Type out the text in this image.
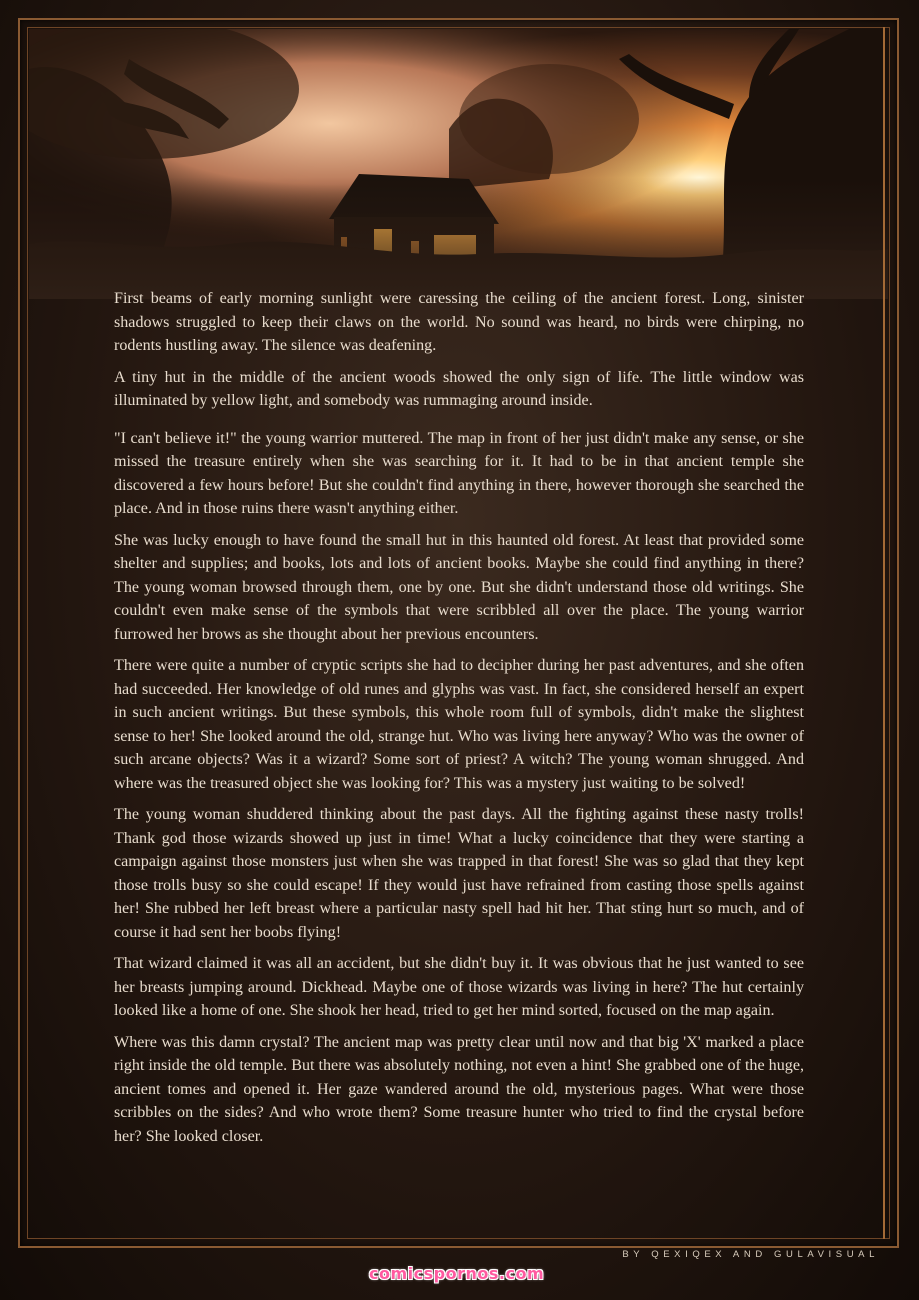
First beams of early morning sunlight were caressing the ceiling of the ancient forest. Long, sinister shadows struggled to keep their claws on the world. No sound was heard, no birds were chirping, no rodents hustling away. The silence was deafening.

A tiny hut in the middle of the ancient woods showed the only sign of life. The little window was illuminated by yellow light, and somebody was rummaging around inside.

"I can't believe it!" the young warrior muttered. The map in front of her just didn't make any sense, or she missed the treasure entirely when she was searching for it. It had to be in that ancient temple she discovered a few hours before! But she couldn't find anything in there, however thorough she searched the place. And in those ruins there wasn't anything either.

She was lucky enough to have found the small hut in this haunted old forest. At least that provided some shelter and supplies; and books, lots and lots of ancient books. Maybe she could find anything in there? The young woman browsed through them, one by one. But she didn't understand those old writings. She couldn't even make sense of the symbols that were scribbled all over the place. The young warrior furrowed her brows as she thought about her previous encounters.

There were quite a number of cryptic scripts she had to decipher during her past adventures, and she often had succeeded. Her knowledge of old runes and glyphs was vast. In fact, she considered herself an expert in such ancient writings. But these symbols, this whole room full of symbols, didn't make the slightest sense to her! She looked around the old, strange hut. Who was living here anyway? Who was the owner of such arcane objects? Was it a wizard? Some sort of priest? A witch? The young woman shrugged. And where was the treasured object she was looking for? This was a mystery just waiting to be solved!

The young woman shuddered thinking about the past days. All the fighting against these nasty trolls! Thank god those wizards showed up just in time! What a lucky coincidence that they were starting a campaign against those monsters just when she was trapped in that forest! She was so glad that they kept those trolls busy so she could escape! If they would just have refrained from casting those spells against her! She rubbed her left breast where a particular nasty spell had hit her. That sting hurt so much, and of course it had sent her boobs flying!

That wizard claimed it was all an accident, but she didn't buy it. It was obvious that he just wanted to see her breasts jumping around. Dickhead. Maybe one of those wizards was living in here? The hut certainly looked like a home of one. She shook her head, tried to get her mind sorted, focused on the map again.

Where was this damn crystal? The ancient map was pretty clear until now and that big 'X' marked a place right inside the old temple. But there was absolutely nothing, not even a hint! She grabbed one of the huge, ancient tomes and opened it. Her gaze wandered around the old, mysterious pages. What were those scribbles on the sides? And who wrote them? Some treasure hunter who tried to find the crystal before her? She looked closer.

BY QEXIQEX AND GULAVISUAL
comicspornos.com
